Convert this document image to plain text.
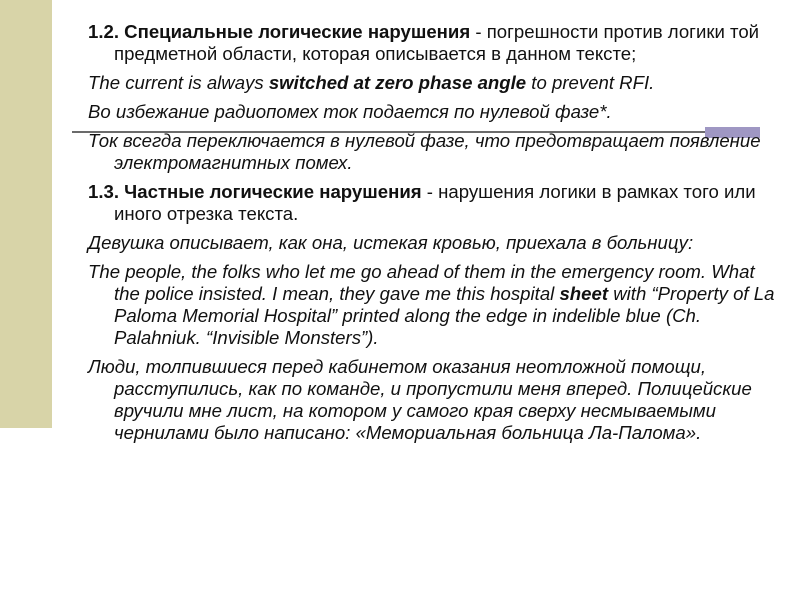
1.2. Специальные логические нарушения - погрешности против логики той предметной области, которая описывается в данном тексте;

The current is always switched at zero phase angle to prevent RFI.

Во избежание радиопомех ток подается по нулевой фазе*.

Ток всегда переключается в нулевой фазе, что предотвращает появление электромагнитных помех.

1.3. Частные логические нарушения - нарушения логики в рамках того или иного отрезка текста.

Девушка описывает, как она, истекая кровью, приехала в больницу:

The people, the folks who let me go ahead of them in the emergency room. What the police insisted. I mean, they gave me this hospital sheet with “Property of La Paloma Memorial Hospital” printed along the edge in indelible blue (Ch. Palahniuk. “Invisible Monsters”).

Люди, толпившиеся перед кабинетом оказания неотложной помощи, расступились, как по команде, и пропустили меня вперед. Полицейские вручили мне лист, на котором у самого края сверху несмываемыми чернилами было написано: «Мемориальная больница Ла-Палома».
